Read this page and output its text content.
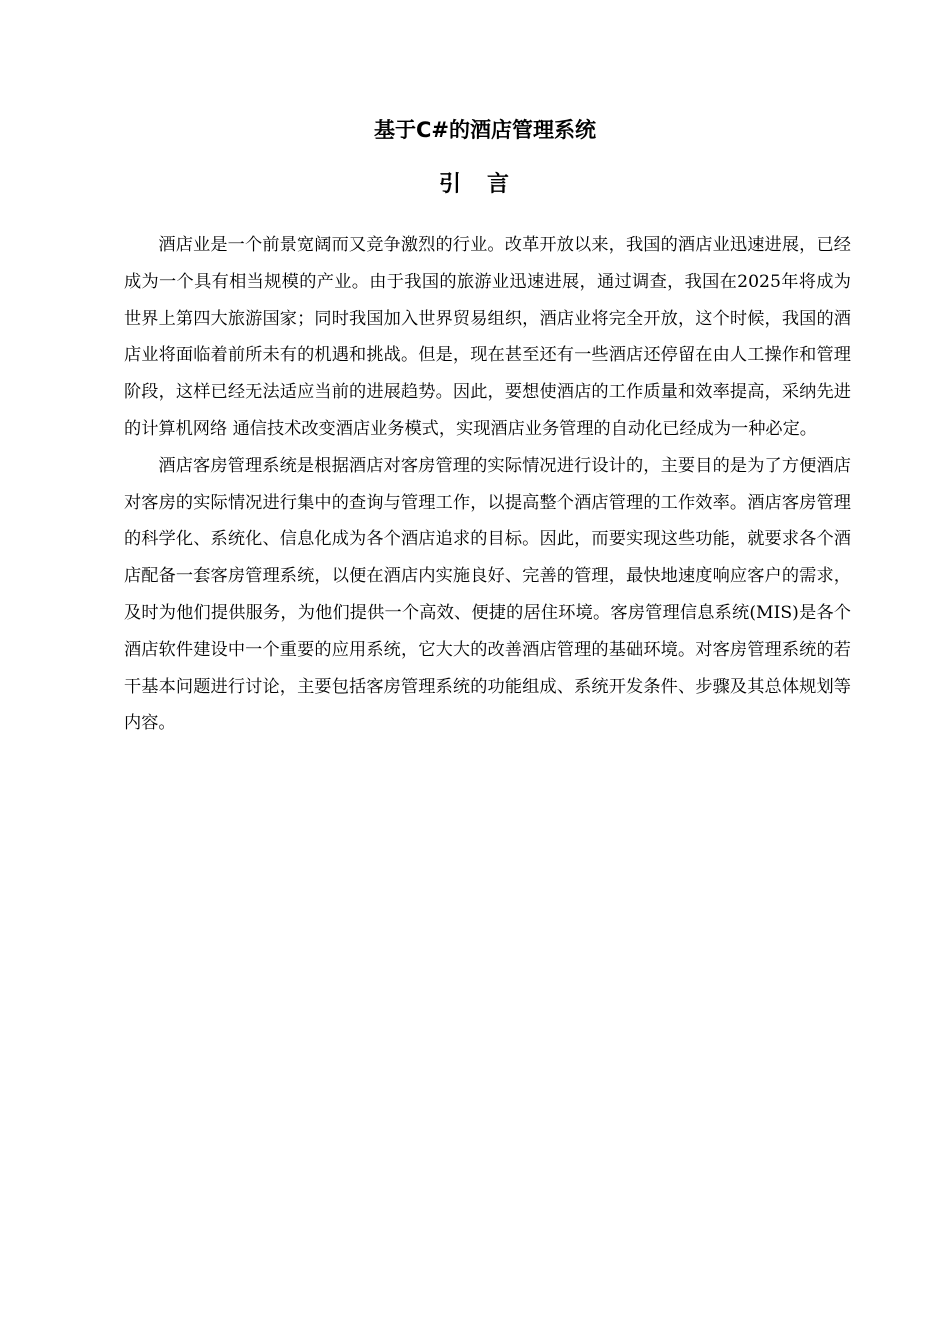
基于C#的酒店管理系统
引言

酒店业是一个前景宽阔而又竞争激烈的行业。改革开放以来，我国的酒店业迅速进展，已经成为一个具有相当规模的产业。由于我国的旅游业迅速进展，通过调查，我国在2025年将成为世界上第四大旅游国家；同时我国加入世界贸易组织，酒店业将完全开放，这个时候，我国的酒店业将面临着前所未有的机遇和挑战。但是，现在甚至还有一些酒店还停留在由人工操作和管理阶段，这样已经无法适应当前的进展趋势。因此，要想使酒店的工作质量和效率提高，采纳先进的计算机网络 通信技术改变酒店业务模式，实现酒店业务管理的自动化已经成为一种必定。

酒店客房管理系统是根据酒店对客房管理的实际情况进行设计的，主要目的是为了方便酒店对客房的实际情况进行集中的查询与管理工作，以提高整个酒店管理的工作效率。酒店客房管理的科学化、系统化、信息化成为各个酒店追求的目标。因此，而要实现这些功能，就要求各个酒店配备一套客房管理系统，以便在酒店内实施良好、完善的管理，最快地速度响应客户的需求，及时为他们提供服务，为他们提供一个高效、便捷的居住环境。客房管理信息系统(MIS)是各个酒店软件建设中一个重要的应用系统，它大大的改善酒店管理的基础环境。对客房管理系统的若干基本问题进行讨论，主要包括客房管理系统的功能组成、系统开发条件、步骤及其总体规划等内容。
